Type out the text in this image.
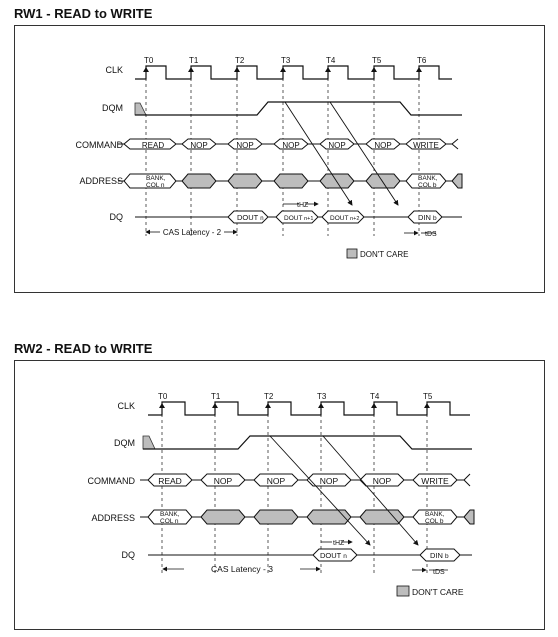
RW1 - READ to WRITE
CLK
DQM
COMMAND
ADDRESS
DQ
T0	T1	T2	T3	T4	T5	T6
READ	NOP	NOP	NOP	NOP	NOP	WRITE
BANK,
COL n
BANK,
COL b
DOUT n	DOUT n+1	DOUT n+2	DIN b
tHZ
CAS Latency - 2	tDS
DON'T CARE
RW2 - READ to WRITE
CLK
DQM
COMMAND
ADDRESS
DQ
T0	T1	T2	T3	T4	T5
READ	NOP	NOP	NOP	NOP	WRITE
BANK,
COL n
BANK,
COL b
DOUT n	DIN b
tHZ
CAS Latency - 3	tDS
DON'T CARE
